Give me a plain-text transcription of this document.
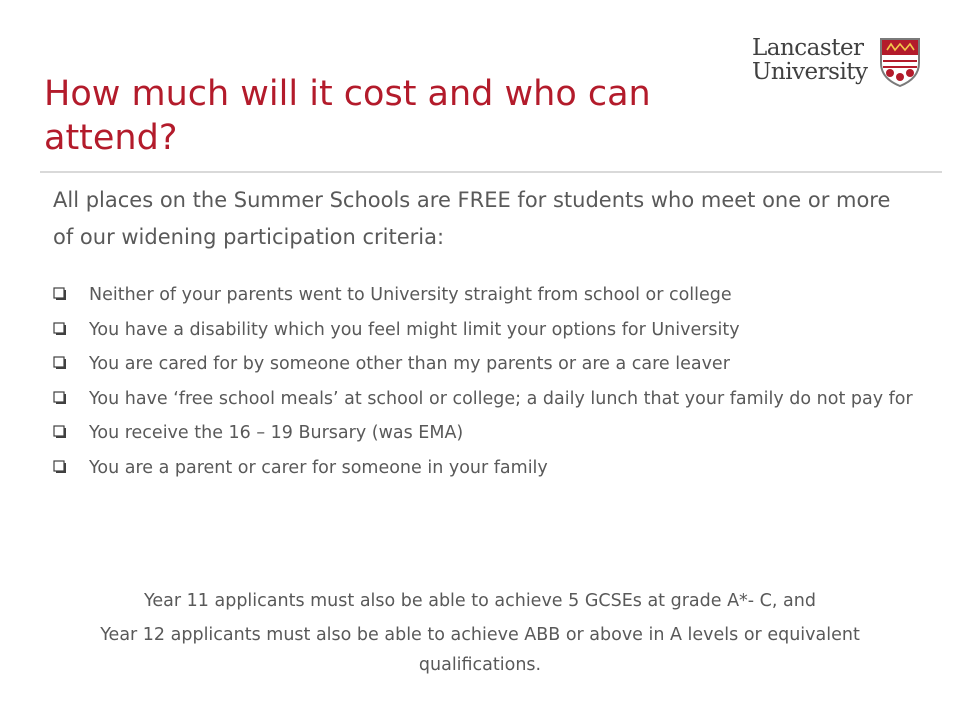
Lancaster
University
How much will it cost and who can attend?

All places on the Summer Schools are FREE for students who meet one or more of our widening participation criteria:

Neither of your parents went to University straight from school or college
You have a disability which you feel might limit your options for University
You are cared for by someone other than my parents or are a care leaver
You have ‘free school meals’ at school or college; a daily lunch that your family do not pay for
You receive the 16 – 19 Bursary (was EMA)
You are a parent or carer for someone in your family

Year 11 applicants must also be able to achieve 5 GCSEs at grade A*- C, and

Year 12 applicants must also be able to achieve ABB or above in A levels or equivalent qualifications.
